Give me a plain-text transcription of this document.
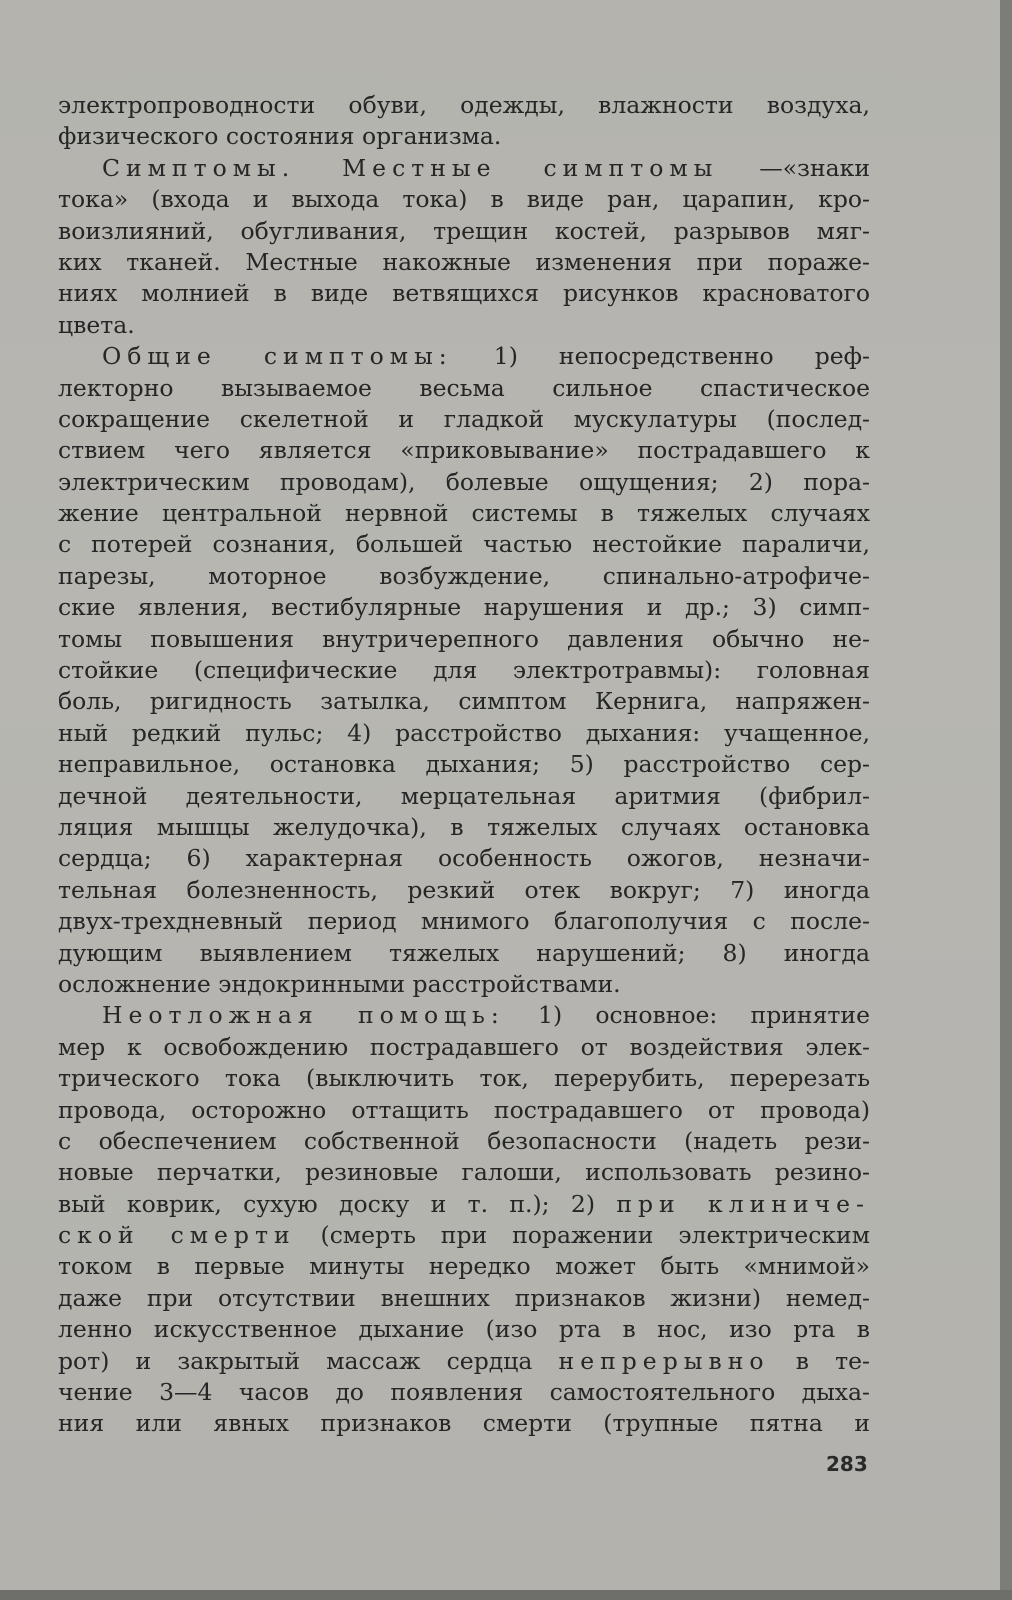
электропроводности обуви, одежды, влажности воздуха,
физического состояния организма.
Симптомы. Местные симптомы —«знаки
тока» (входа и выхода тока) в виде ран, царапин, кро-
воизлияний, обугливания, трещин костей, разрывов мяг-
ких тканей. Местные накожные изменения при пораже-
ниях молнией в виде ветвящихся рисунков красноватого
цвета.
Общие симптомы: 1) непосредственно реф-
лекторно вызываемое весьма сильное спастическое
сокращение скелетной и гладкой мускулатуры (послед-
ствием чего является «приковывание» пострадавшего к
электрическим проводам), болевые ощущения; 2) пора-
жение центральной нервной системы в тяжелых случаях
с потерей сознания, большей частью нестойкие параличи,
парезы, моторное возбуждение, спинально-атрофиче-
ские явления, вестибулярные нарушения и др.; 3) симп-
томы повышения внутричерепного давления обычно не-
стойкие (специфические для электротравмы): головная
боль, ригидность затылка, симптом Кернига, напряжен-
ный редкий пульс; 4) расстройство дыхания: учащенное,
неправильное, остановка дыхания; 5) расстройство сер-
дечной деятельности, мерцательная аритмия (фибрил-
ляция мышцы желудочка), в тяжелых случаях остановка
сердца; 6) характерная особенность ожогов, незначи-
тельная болезненность, резкий отек вокруг; 7) иногда
двух-трехдневный период мнимого благополучия с после-
дующим выявлением тяжелых нарушений; 8) иногда
осложнение эндокринными расстройствами.
Неотложная помощь: 1) основное: принятие
мер к освобождению пострадавшего от воздействия элек-
трического тока (выключить ток, перерубить, перерезать
провода, осторожно оттащить пострадавшего от провода)
с обеспечением собственной безопасности (надеть рези-
новые перчатки, резиновые галоши, использовать резино-
вый коврик, сухую доску и т. п.); 2) при клиниче-
ской смерти (смерть при поражении электрическим
током в первые минуты нередко может быть «мнимой»
даже при отсутствии внешних признаков жизни) немед-
ленно искусственное дыхание (изо рта в нос, изо рта в
рот) и закрытый массаж сердца непрерывно в те-
чение 3—4 часов до появления самостоятельного дыха-
ния или явных признаков смерти (трупные пятна и
283
